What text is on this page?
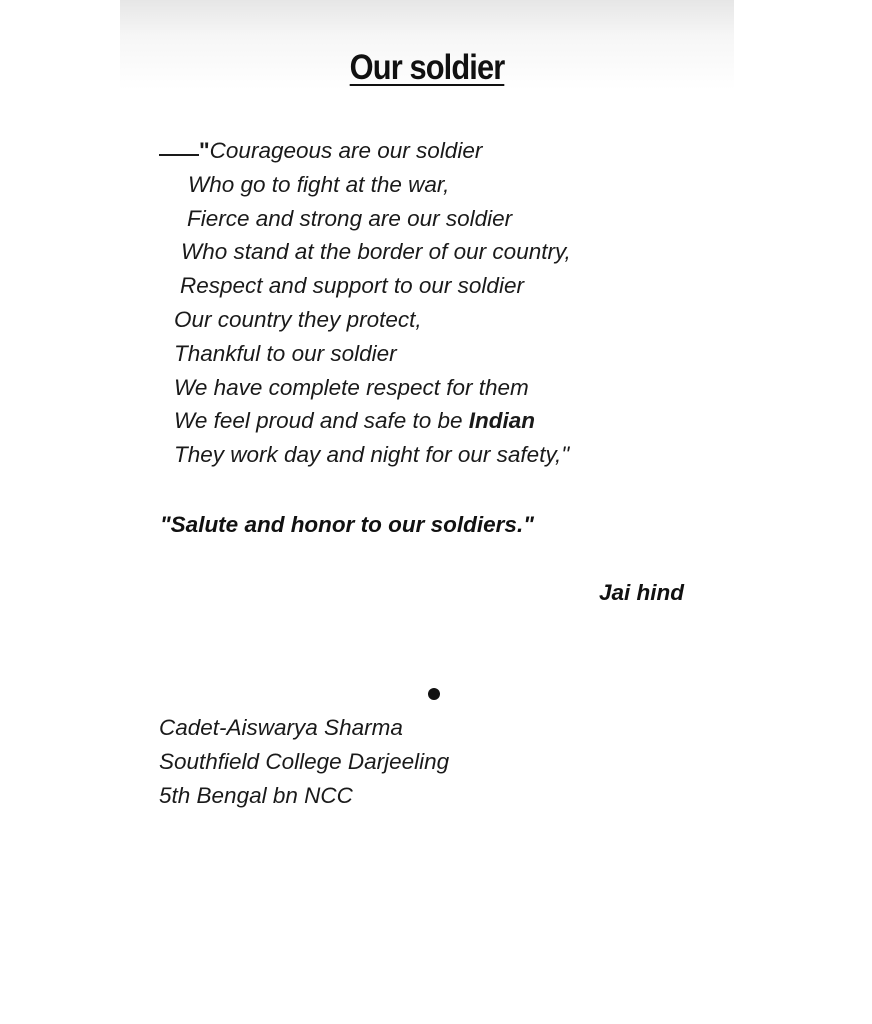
Our soldier
"Courageous are our soldier
Who go to fight at the war,
Fierce and strong are our soldier
Who stand at the border of our country,
Respect and support to our soldier
Our country they protect,
Thankful to our soldier
We have complete respect for them
We feel proud and safe to be Indian
They work day and night for our safety,"
"Salute and honor to our soldiers."
Jai hind
Cadet-Aiswarya Sharma
Southfield College Darjeeling
5th Bengal bn NCC
